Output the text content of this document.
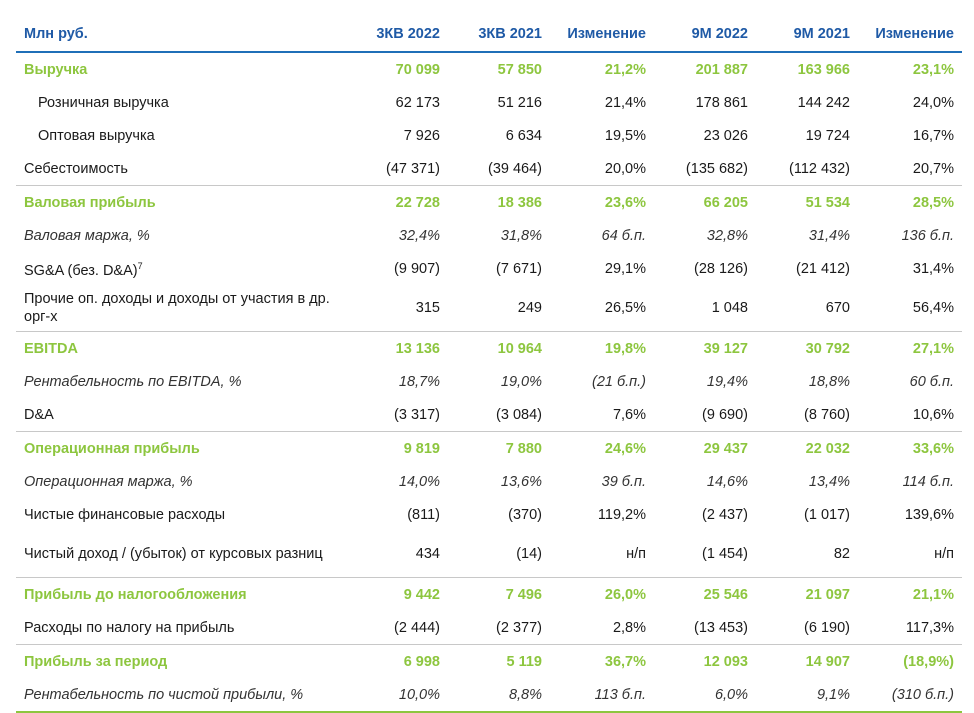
Млн руб.	3КВ 2022	3КВ 2021	Изменение	9М 2022	9М 2021	Изменение
Выручка	70 099	57 850	21,2%	201 887	163 966	23,1%
Розничная выручка	62 173	51 216	21,4%	178 861	144 242	24,0%
Оптовая выручка	7 926	6 634	19,5%	23 026	19 724	16,7%
Себестоимость	(47 371)	(39 464)	20,0%	(135 682)	(112 432)	20,7%
Валовая прибыль	22 728	18 386	23,6%	66 205	51 534	28,5%
Валовая маржа, %	32,4%	31,8%	64 б.п.	32,8%	31,4%	136 б.п.
SG&A (без. D&A)$^7$	(9 907)	(7 671)	29,1%	(28 126)	(21 412)	31,4%
Прочие оп. доходы и доходы от участия в др. орг-х	315	249	26,5%	1 048	670	56,4%
EBITDA	13 136	10 964	19,8%	39 127	30 792	27,1%
Рентабельность по EBITDA, %	18,7%	19,0%	(21 б.п.)	19,4%	18,8%	60 б.п.
D&A	(3 317)	(3 084)	7,6%	(9 690)	(8 760)	10,6%
Операционная прибыль	9 819	7 880	24,6%	29 437	22 032	33,6%
Операционная маржа, %	14,0%	13,6%	39 б.п.	14,6%	13,4%	114 б.п.
Чистые финансовые расходы	(811)	(370)	119,2%	(2 437)	(1 017)	139,6%
Чистый доход / (убыток) от курсовых разниц	434	(14)	н/п	(1 454)	82	н/п
Прибыль до налогообложения	9 442	7 496	26,0%	25 546	21 097	21,1%
Расходы по налогу на прибыль	(2 444)	(2 377)	2,8%	(13 453)	(6 190)	117,3%
Прибыль за период	6 998	5 119	36,7%	12 093	14 907	(18,9%)
Рентабельность по чистой прибыли, %	10,0%	8,8%	113 б.п.	6,0%	9,1%	(310 б.п.)
